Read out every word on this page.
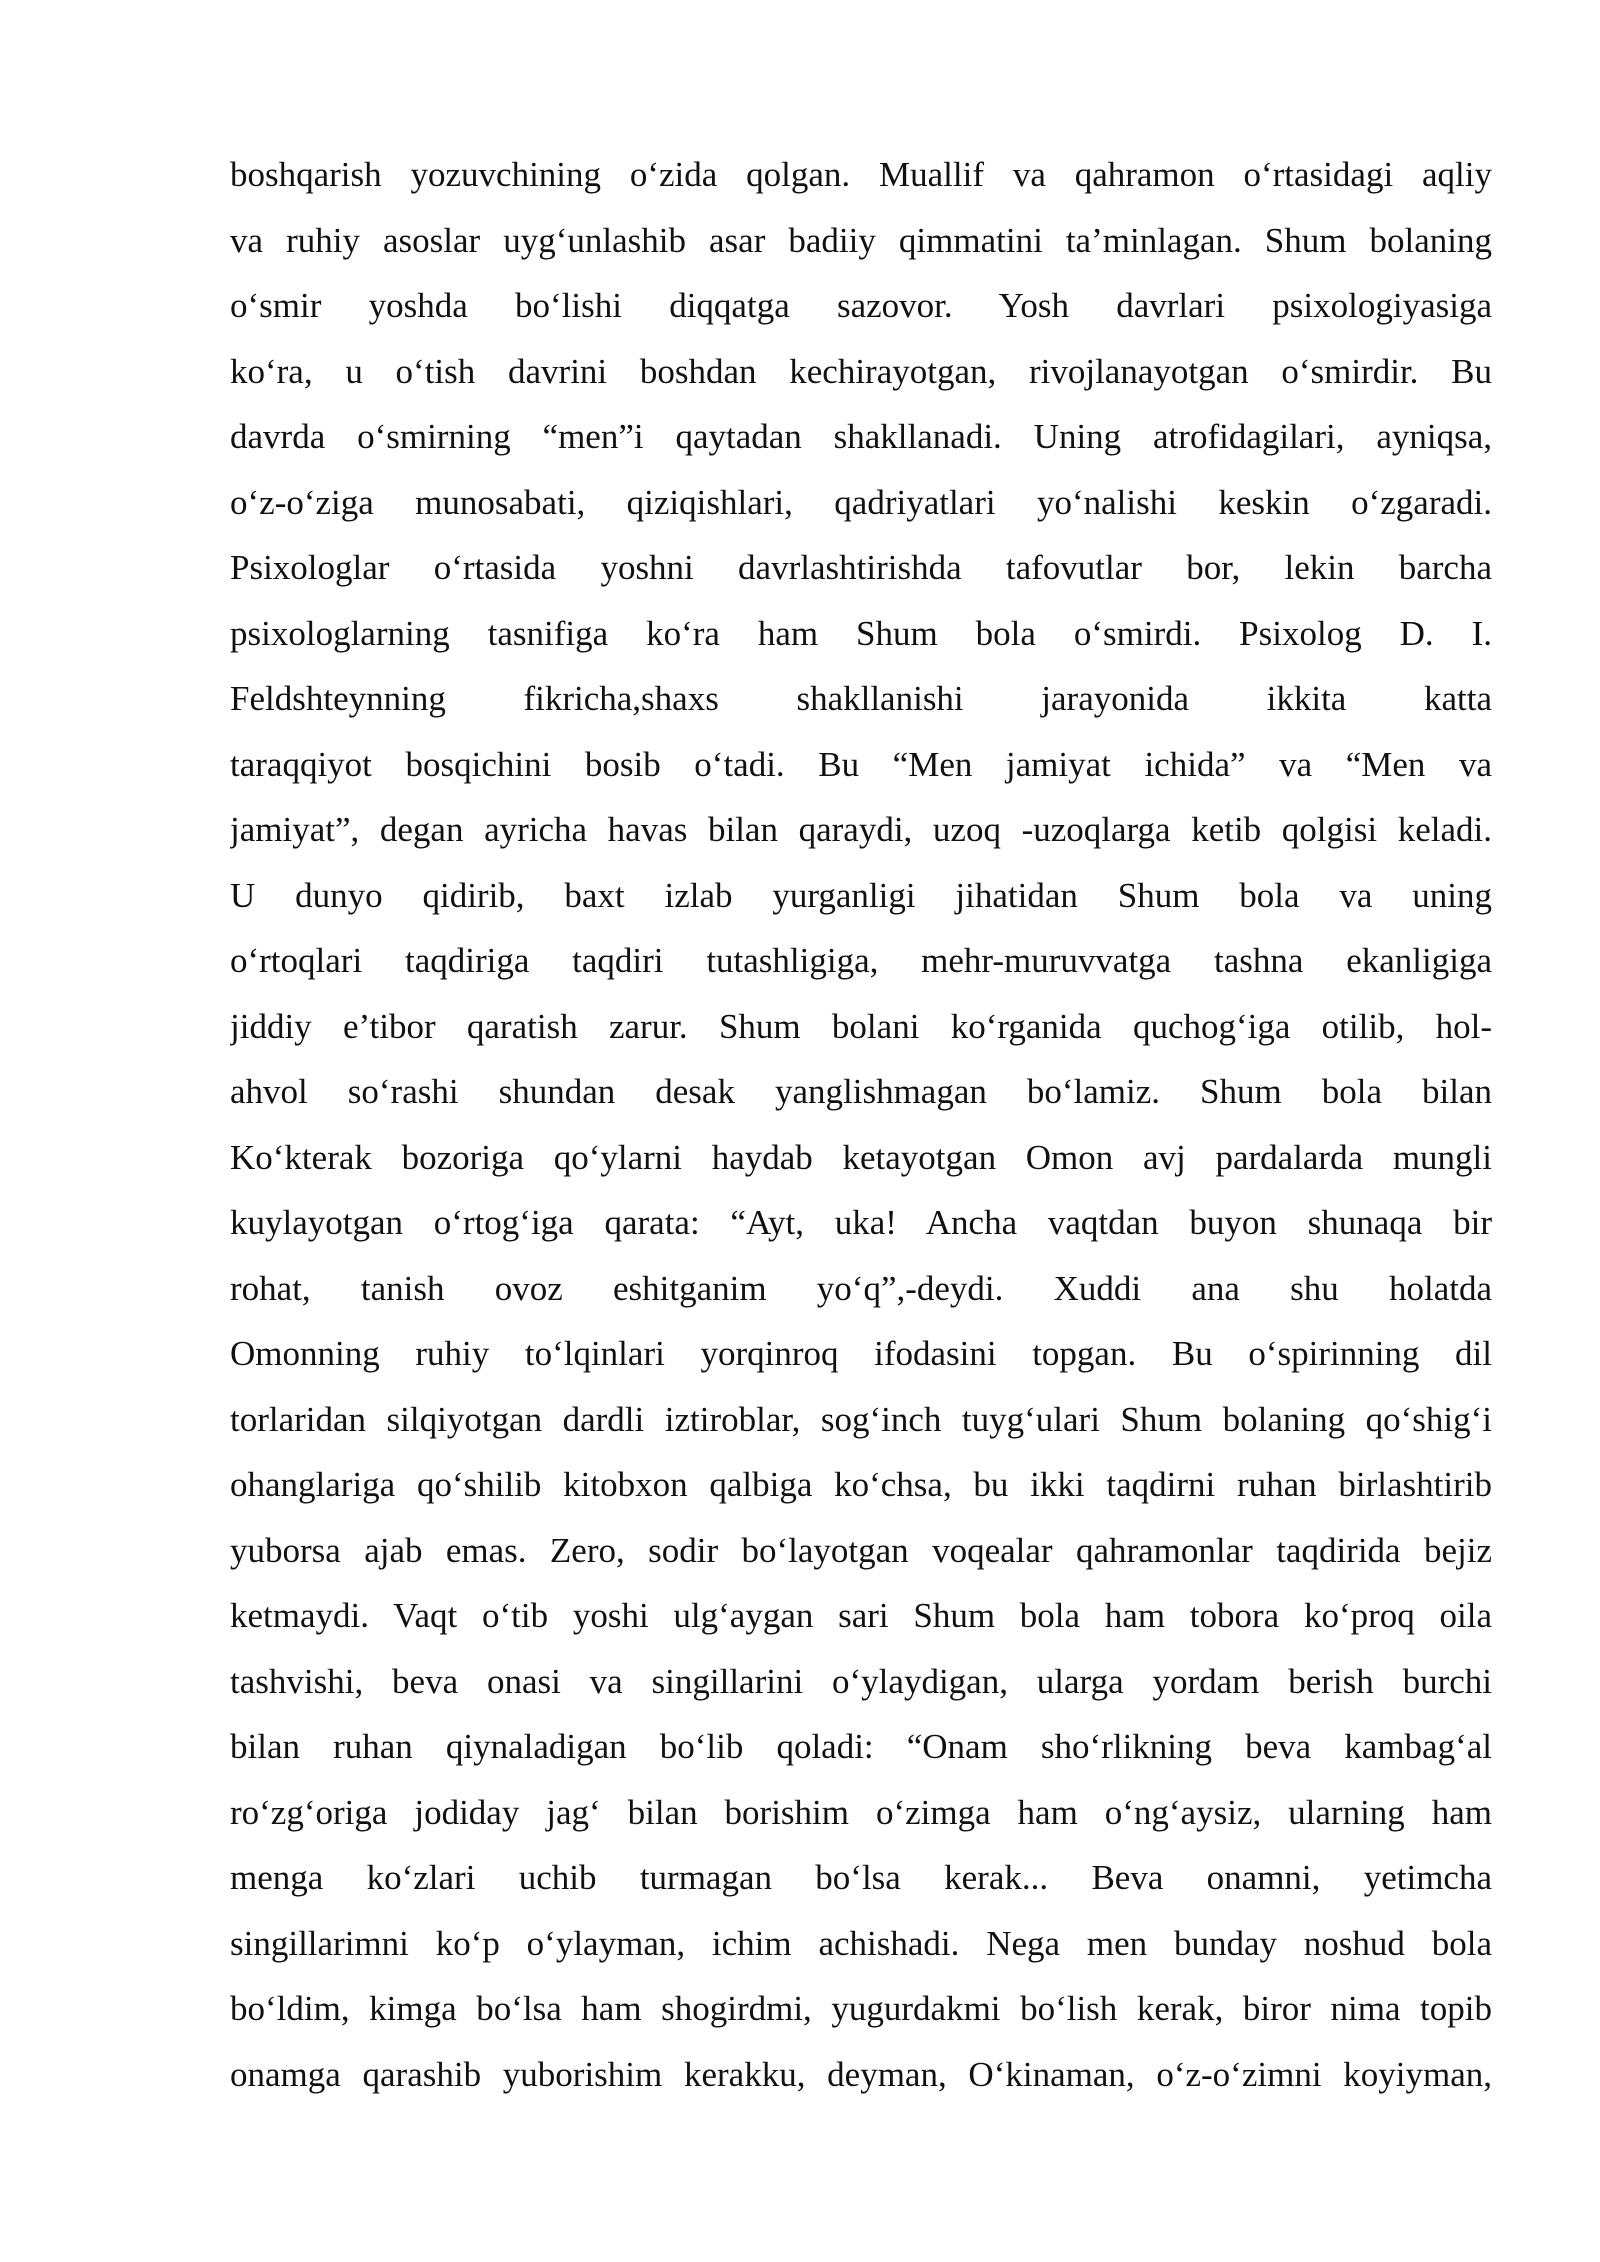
boshqarish yozuvchining o‘zida qolgan. Muallif va qahramon o‘rtasidagi aqliy
va ruhiy asoslar uyg‘unlashib asar badiiy qimmatini ta’minlagan. Shum bolaning
o‘smir yoshda bo‘lishi diqqatga sazovor. Yosh davrlari psixologiyasiga
ko‘ra, u o‘tish davrini boshdan kechirayotgan, rivojlanayotgan o‘smirdir. Bu
davrda o‘smirning “men”i qaytadan shakllanadi. Uning atrofidagilari, ayniqsa,
o‘z-o‘ziga munosabati, qiziqishlari, qadriyatlari yo‘nalishi keskin o‘zgaradi.
Psixologlar o‘rtasida yoshni davrlashtirishda tafovutlar bor, lekin barcha
psixologlarning tasnifiga ko‘ra ham Shum bola o‘smirdi. Psixolog D. I.
Feldshteynning fikricha,shaxs shakllanishi jarayonida ikkita katta
taraqqiyot bosqichini bosib o‘tadi. Bu “Men jamiyat ichida” va “Men va
jamiyat”, degan ayricha havas bilan qaraydi, uzoq -uzoqlarga ketib qolgisi keladi.
U dunyo qidirib, baxt izlab yurganligi jihatidan Shum bola va uning
o‘rtoqlari taqdiriga taqdiri tutashligiga, mehr-muruvvatga tashna ekanligiga
jiddiy e’tibor qaratish zarur. Shum bolani ko‘rganida quchog‘iga otilib, hol-
ahvol so‘rashi shundan desak yanglishmagan bo‘lamiz. Shum bola bilan
Ko‘kterak bozoriga qo‘ylarni haydab ketayotgan Omon avj pardalarda mungli
kuylayotgan o‘rtog‘iga qarata: “Ayt, uka! Ancha vaqtdan buyon shunaqa bir
rohat, tanish ovoz eshitganim yo‘q”,-deydi. Xuddi ana shu holatda
Omonning ruhiy to‘lqinlari yorqinroq ifodasini topgan. Bu o‘spirinning dil
torlaridan silqiyotgan dardli iztiroblar, sog‘inch tuyg‘ulari Shum bolaning qo‘shig‘i
ohanglariga qo‘shilib kitobxon qalbiga ko‘chsa, bu ikki taqdirni ruhan birlashtirib
yuborsa ajab emas. Zero, sodir bo‘layotgan voqealar qahramonlar taqdirida bejiz
ketmaydi. Vaqt o‘tib yoshi ulg‘aygan sari Shum bola ham tobora ko‘proq oila
tashvishi, beva onasi va singillarini o‘ylaydigan, ularga yordam berish burchi
bilan ruhan qiynaladigan bo‘lib qoladi: “Onam sho‘rlikning beva kambag‘al
ro‘zg‘origa jodiday jag‘ bilan borishim o‘zimga ham o‘ng‘aysiz, ularning ham
menga ko‘zlari uchib turmagan bo‘lsa kerak... Beva onamni, yetimcha
singillarimni ko‘p o‘ylayman, ichim achishadi. Nega men bunday noshud bola
bo‘ldim, kimga bo‘lsa ham shogirdmi, yugurdakmi bo‘lish kerak, biror nima topib
onamga qarashib yuborishim kerakku, deyman, O‘kinaman, o‘z-o‘zimni koyiyman,
